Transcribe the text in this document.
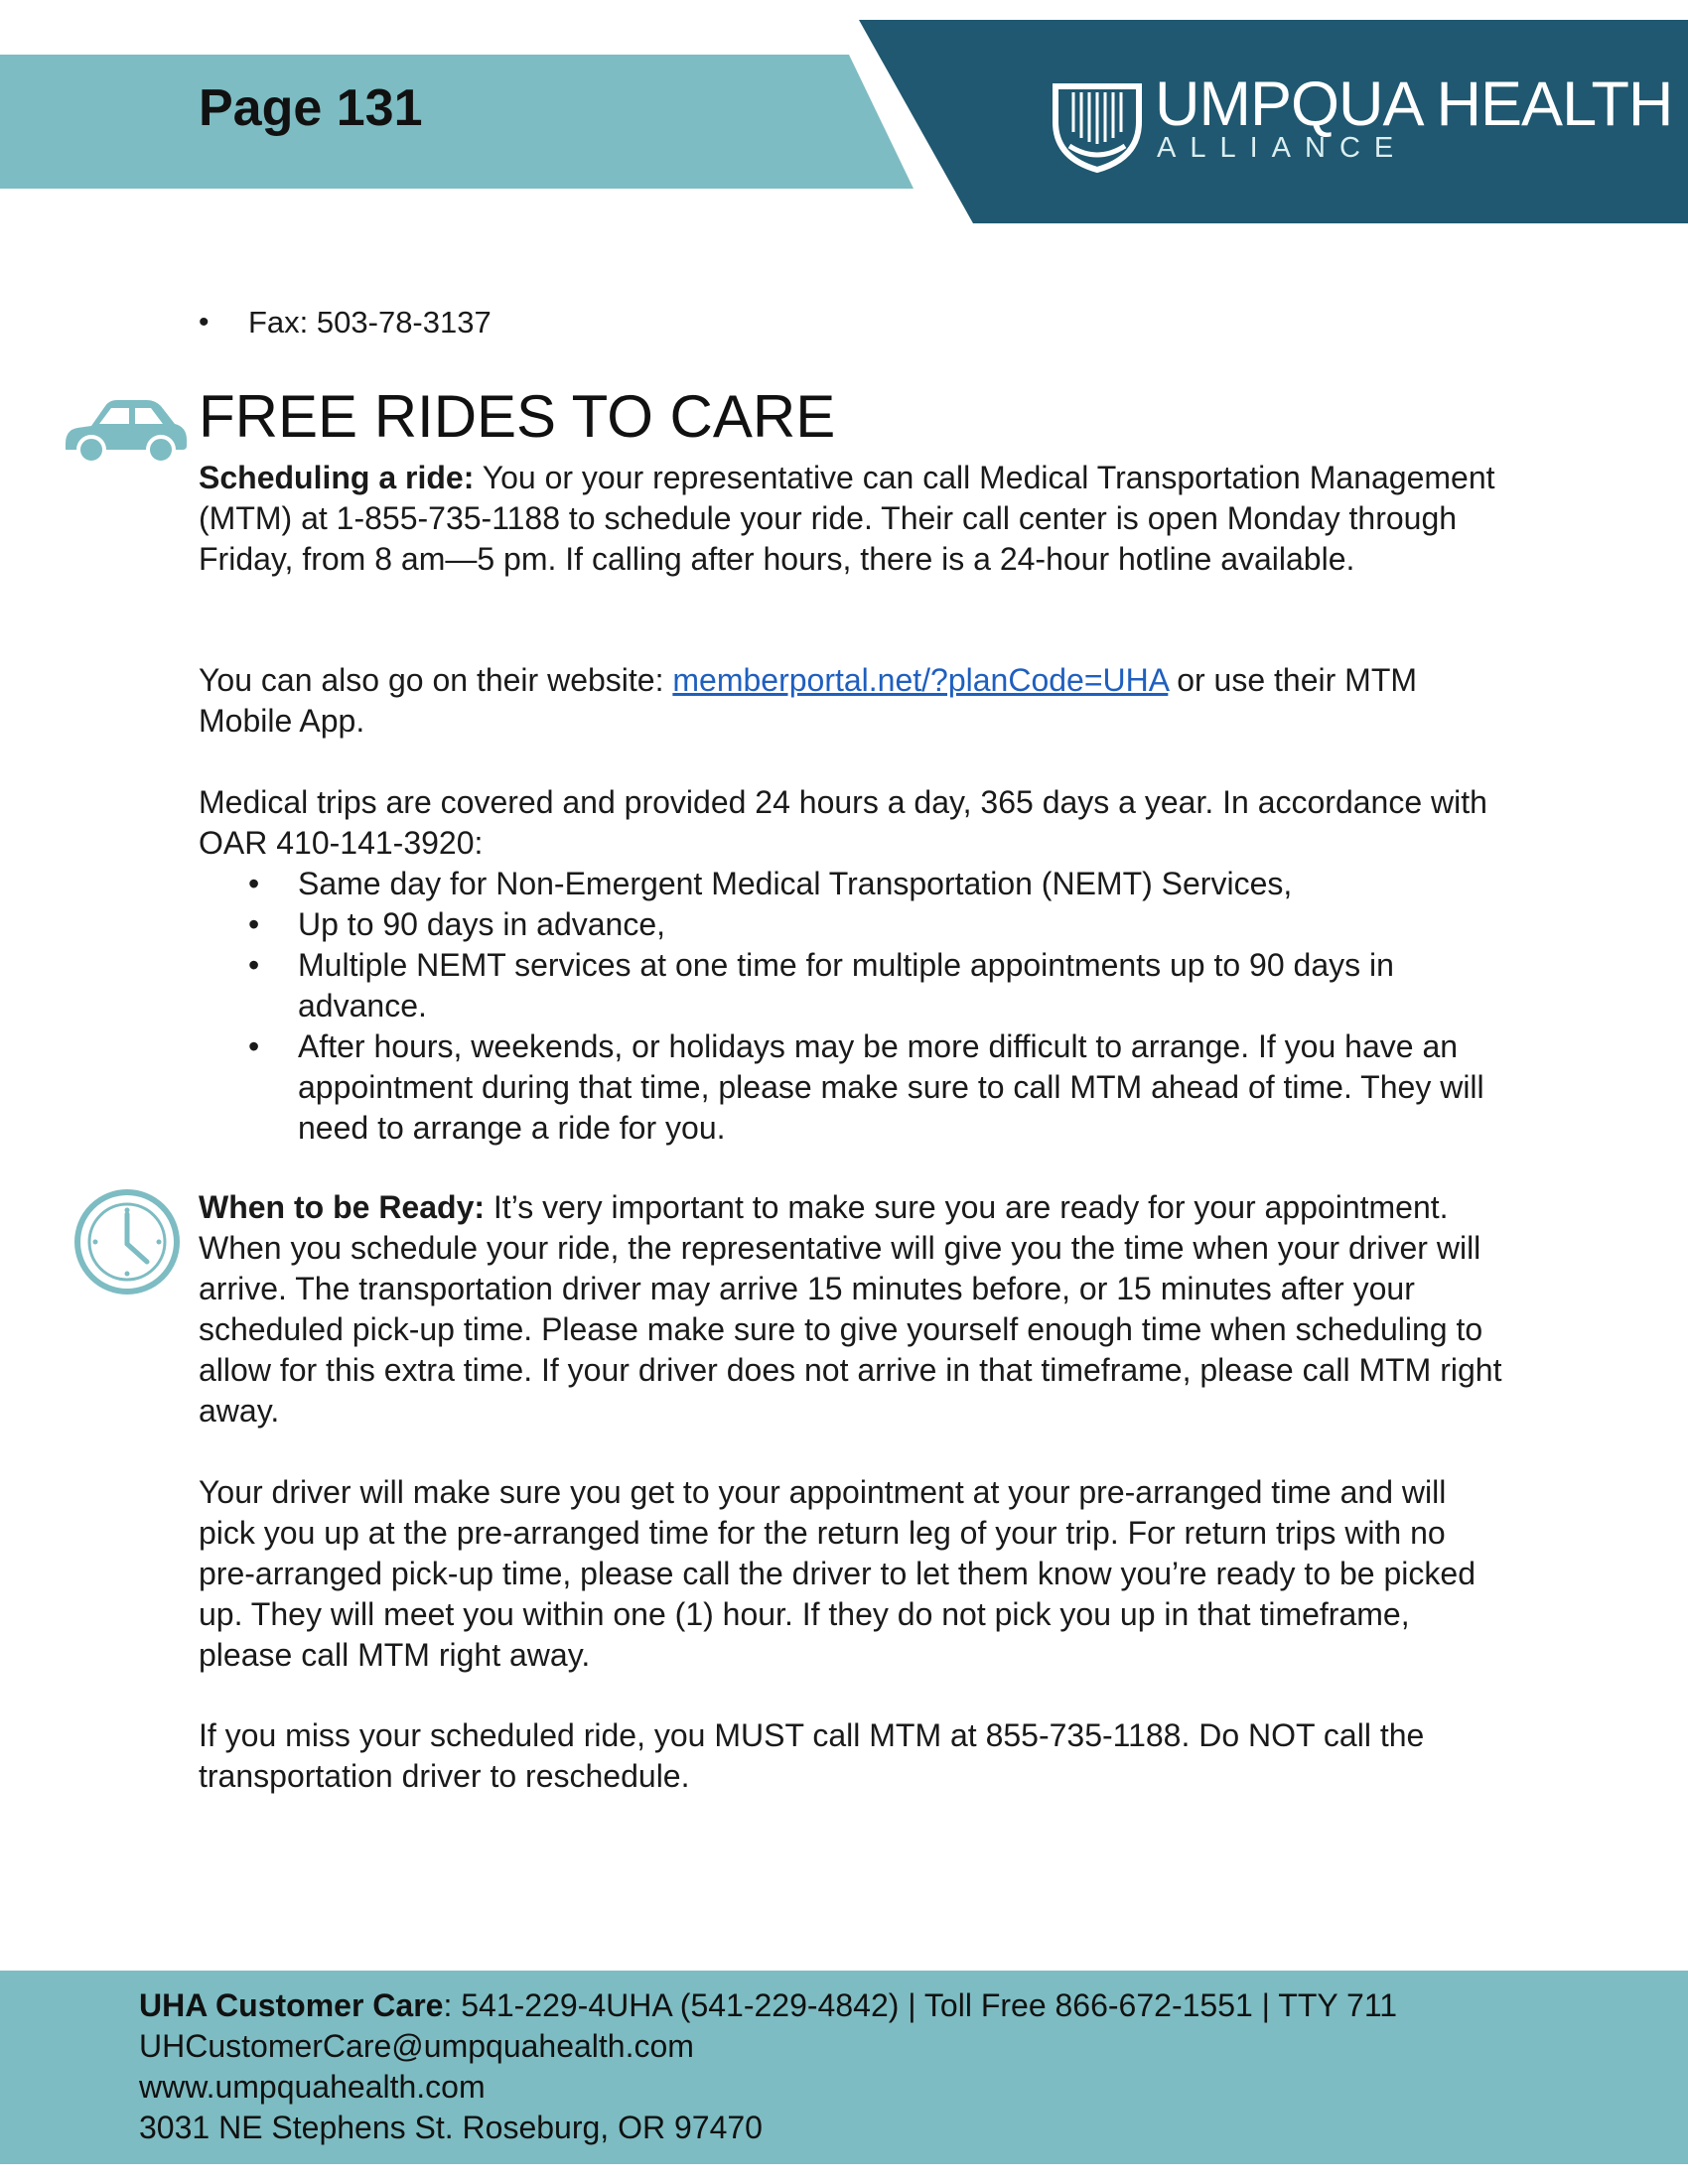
Page 131	UMPQUA HEALTH
ALLIANCE
• Fax: 503-78-3137
FREE RIDES TO CARE

Scheduling a ride: You or your representative can call Medical Transportation Management (MTM) at 1-855-735-1188 to schedule your ride. Their call center is open Monday through Friday, from 8 am—5 pm. If calling after hours, there is a 24-hour hotline available.

You can also go on their website: memberportal.net/?planCode=UHA or use their MTM Mobile App.

Medical trips are covered and provided 24 hours a day, 365 days a year. In accordance with OAR 410-141-3920:

• Same day for Non-Emergent Medical Transportation (NEMT) Services,
• Up to 90 days in advance,
• Multiple NEMT services at one time for multiple appointments up to 90 days in advance.
• After hours, weekends, or holidays may be more difficult to arrange. If you have an appointment during that time, please make sure to call MTM ahead of time. They will need to arrange a ride for you.

When to be Ready: It’s very important to make sure you are ready for your appointment. When you schedule your ride, the representative will give you the time when your driver will arrive. The transportation driver may arrive 15 minutes before, or 15 minutes after your scheduled pick-up time. Please make sure to give yourself enough time when scheduling to allow for this extra time. If your driver does not arrive in that timeframe, please call MTM right away.

Your driver will make sure you get to your appointment at your pre-arranged time and will pick you up at the pre-arranged time for the return leg of your trip. For return trips with no pre-arranged pick-up time, please call the driver to let them know you’re ready to be picked up. They will meet you within one (1) hour. If they do not pick you up in that timeframe, please call MTM right away.

If you miss your scheduled ride, you MUST call MTM at 855-735-1188. Do NOT call the transportation driver to reschedule.

UHA Customer Care: 541-229-4UHA (541-229-4842) | Toll Free 866-672-1551 | TTY 711
UHCustomerCare@umpquahealth.com
www.umpquahealth.com
3031 NE Stephens St. Roseburg, OR 97470
